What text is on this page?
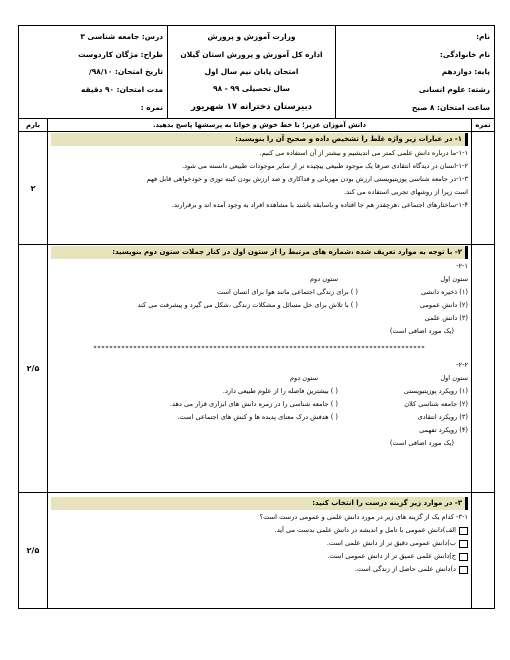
نام:
نام خانوادگی:
پایه: دوازدهم
رشته: علوم انسانی
ساعت امتحان: ۸ صبح
وزارت آموزش و پرورش
اداره کل آموزش و پرورش استان گیلان
امتحان پایان نیم سال اول
سال تحصیلی ۹۹ - ۹۸
دبیرستان دخترانه ۱۷ شهریور
درس: جامعه شناسی ۳
طراح: مژگان کاردوست
تاریخ امتحان: ۹۸/۱۰/
مدت امتحان: ۹۰ دقیقه
نمره :
نمره
دانش آموزان عزیز؛ با خط خوش و خوانا به پرسشها پاسخ بدهید.
بارم
۱- در عبارات زیر واژه غلط را تشخیص داده و صحیح آن را بنویسید:
۱-۱-ما درباره دانش علمی کمتر می اندیشیم و بیشتر از آن استفاده می کنیم.
۱-۲-انسان در دیدگاه انتقادی صرفا یک موجود طبیعی پیچیده تر از سایر موجودات طبیعی دانسته می شود.
۱-۳-در جامعه شناسی پوزیتیویستی ارزش بودن مهربانی و فداکاری و ضد ارزش بودن کینه توزی و خودخواهی قابل فهم
است زیرا از روشهای تجربی استفاده می کند.
۱-۴-ساختارهای اجتماعی ،هرچقدر هم جا افتاده و باسابقه باشند با مشاهده افراد به وجود آمده اند و برقرارند.
۲
۲- با توجه به موارد تعریف شده ،شماره های مرتبط را از ستون اول در کنار جملات ستون دوم بنویسید:
۲-۱-
ستون اول
ستون دوم
(۱) ذخیره دانشی
( ) برای زندگی اجتماعی مانند هوا برای انسان است
(۲) دانش عمومی
( ) با تلاش برای حل مسائل و مشکلات زندگی ،شکل می گیرد و پیشرفت می کند
(۳) دانش علمی
(یک مورد اضافی است)
***********************************************************************************
۲-۲-
ستون اول
ستون دوم
(۱) رویکرد پوزیتیویستی
( ) بیشترین فاصله را از علوم طبیعی دارد.
(۲) جامعه شناسی کلان
( ) جامعه شناسی را در زمره دانش های ابزاری قرار می دهد.
(۳) رویکرد انتقادی
( ) هدفش درک معنای پدیده ها و کنش های اجتماعی است.
(۴) رویکرد تفهمی
(یک مورد اضافی است)
۲/۵
۳- در موارد زیر گزینه درست را انتخاب کنید:
۳-۱- کدام یک از گزینه های زیر در مورد دانش علمی و عمومی درست است؟
الف)دانش عمومی با تامل و اندیشه در دانش علمی بدست می آید.
ب)دانش عمومی دقیق تر از دانش علمی است.
ج)دانش علمی عمیق تر از دانش عمومی است.
د)دانش علمی حاصل از زندگی است.
۲/۵
